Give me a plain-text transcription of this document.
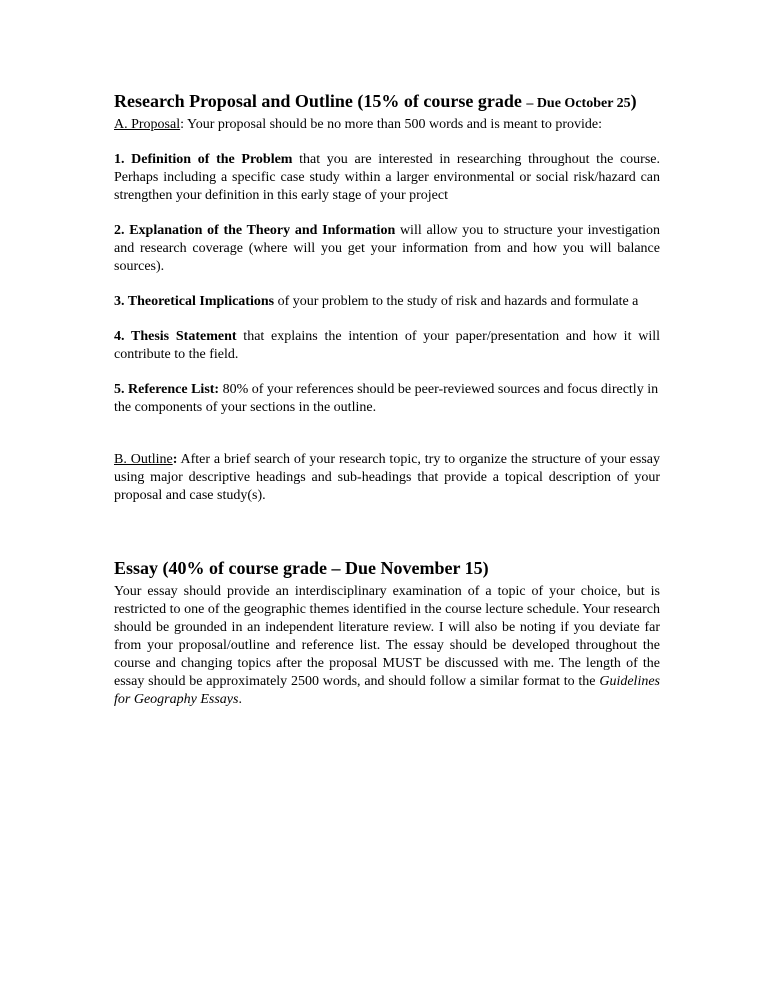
Research Proposal and Outline (15% of course grade – Due October 25)

A. Proposal: Your proposal should be no more than 500 words and is meant to provide:

1. Definition of the Problem that you are interested in researching throughout the course. Perhaps including a specific case study within a larger environmental or social risk/hazard can strengthen your definition in this early stage of your project

2. Explanation of the Theory and Information will allow you to structure your investigation and research coverage (where will you get your information from and how you will balance sources).

3. Theoretical Implications of your problem to the study of risk and hazards and formulate a

4. Thesis Statement that explains the intention of your paper/presentation and how it will contribute to the field.

5. Reference List: 80% of your references should be peer-reviewed sources and focus directly in the components of your sections in the outline.

B. Outline: After a brief search of your research topic, try to organize the structure of your essay using major descriptive headings and sub-headings that provide a topical description of your proposal and case study(s).

Essay (40% of course grade – Due November 15)

Your essay should provide an interdisciplinary examination of a topic of your choice, but is restricted to one of the geographic themes identified in the course lecture schedule. Your research should be grounded in an independent literature review. I will also be noting if you deviate far from your proposal/outline and reference list. The essay should be developed throughout the course and changing topics after the proposal MUST be discussed with me. The length of the essay should be approximately 2500 words, and should follow a similar format to the Guidelines for Geography Essays.
